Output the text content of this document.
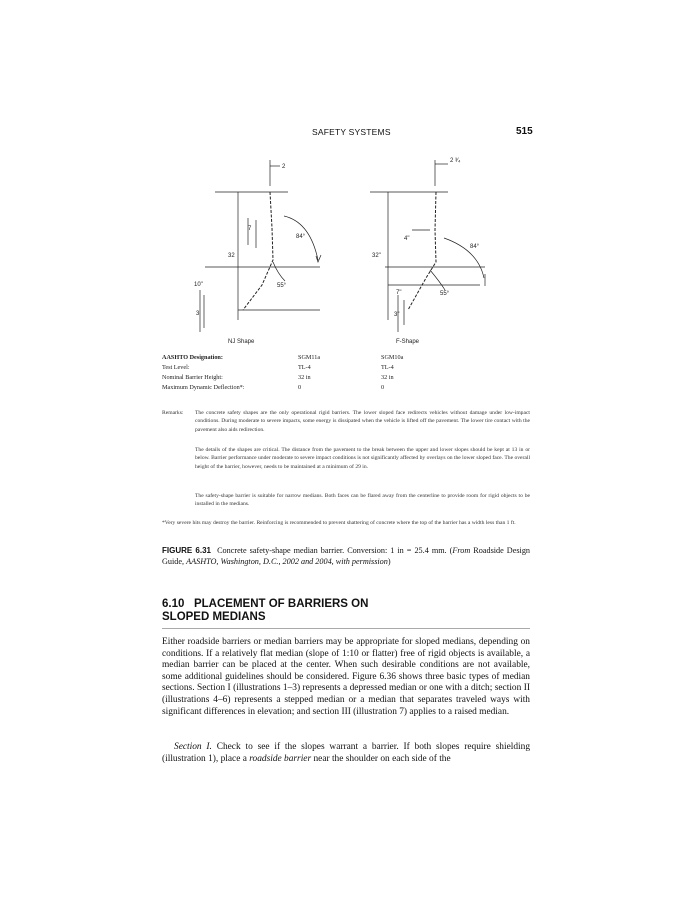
SAFETY SYSTEMS	515
2
32
7
10"
3
84°
55°
NJ Shape
2 ³⁄₄
32"
4"
7"
3"
84°
55°
F-Shape
AASHTO Designation:	SGM11a	SGM10a
Test Level:	TL-4	TL-4
Nominal Barrier Height:	32 in	32 in
Maximum Dynamic Deflection*:	0	0
Remarks:	The concrete safety shapes are the only operational rigid barriers. The lower sloped face redirects vehicles without damage under low-impact conditions. During moderate to severe impacts, some energy is dissipated when the vehicle is lifted off the pavement. The lower tire contact with the pavement also aids redirection.
The details of the shapes are critical. The distance from the pavement to the break between the upper and lower slopes should be kept at 13 in or below. Barrier performance under moderate to severe impact conditions is not significantly affected by overlays on the lower sloped face. The overall height of the barrier, however, needs to be maintained at a minimum of 29 in.
The safety-shape barrier is suitable for narrow medians. Both faces can be flared away from the centerline to provide room for rigid objects to be installed in the medians.
*Very severe hits may destroy the barrier. Reinforcing is recommended to prevent shattering of concrete where the top of the barrier has a width less than 1 ft.
FIGURE 6.31 Concrete safety-shape median barrier. Conversion: 1 in = 25.4 mm. (From Roadside Design Guide, AASHTO, Washington, D.C., 2002 and 2004, with permission)
6.10 PLACEMENT OF BARRIERS ON
SLOPED MEDIANS
Either roadside barriers or median barriers may be appropriate for sloped medians, depending on conditions. If a relatively flat median (slope of 1:10 or flatter) free of rigid objects is available, a median barrier can be placed at the center. When such desirable conditions are not available, some additional guidelines should be considered. Figure 6.36 shows three basic types of median sections. Section I (illustrations 1–3) represents a depressed median or one with a ditch; section II (illustrations 4–6) represents a stepped median or a median that separates traveled ways with significant differences in elevation; and section III (illustration 7) applies to a raised median.
Section I. Check to see if the slopes warrant a barrier. If both slopes require shielding (illustration 1), place a roadside barrier near the shoulder on each side of the
